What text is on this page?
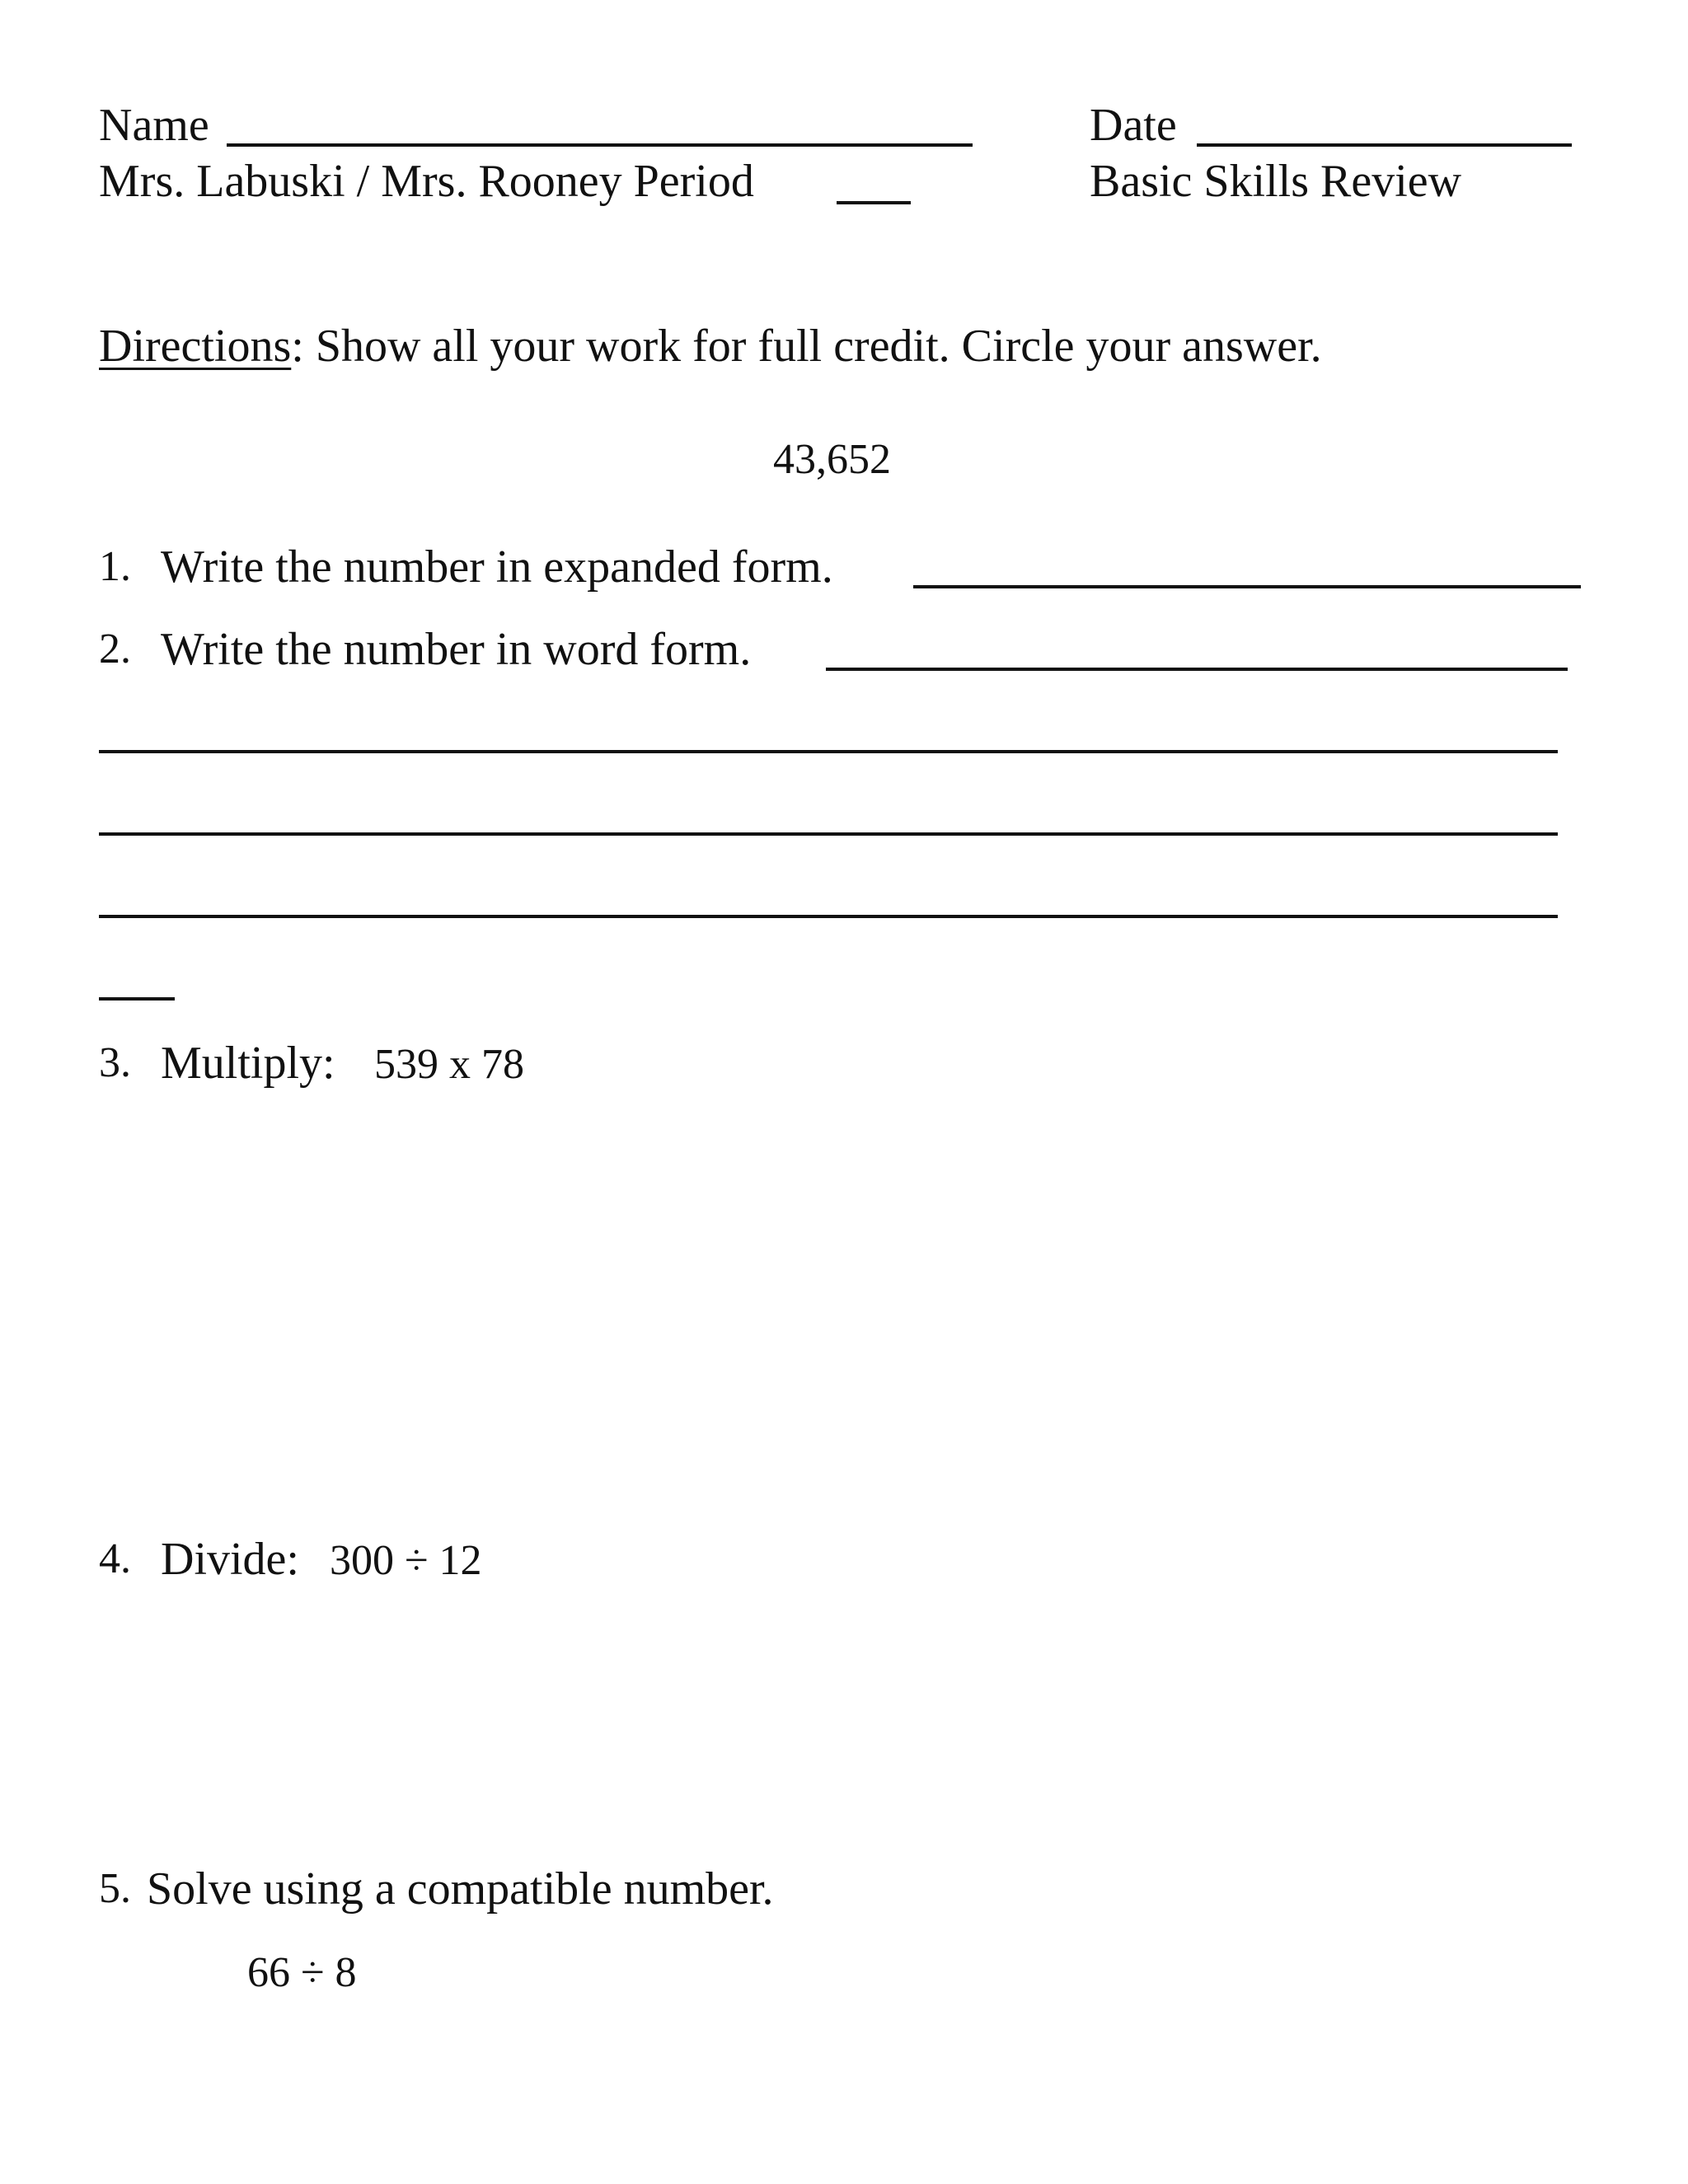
Name	Date
Mrs. Labuski / Mrs. Rooney Period	Basic Skills Review
Directions: Show all your work for full credit. Circle your answer.
43,652
1. Write the number in expanded form.
2. Write the number in word form.
3. Multiply: 539 x 78
4. Divide: 300 ÷ 12
5. Solve using a compatible number.
66 ÷ 8
